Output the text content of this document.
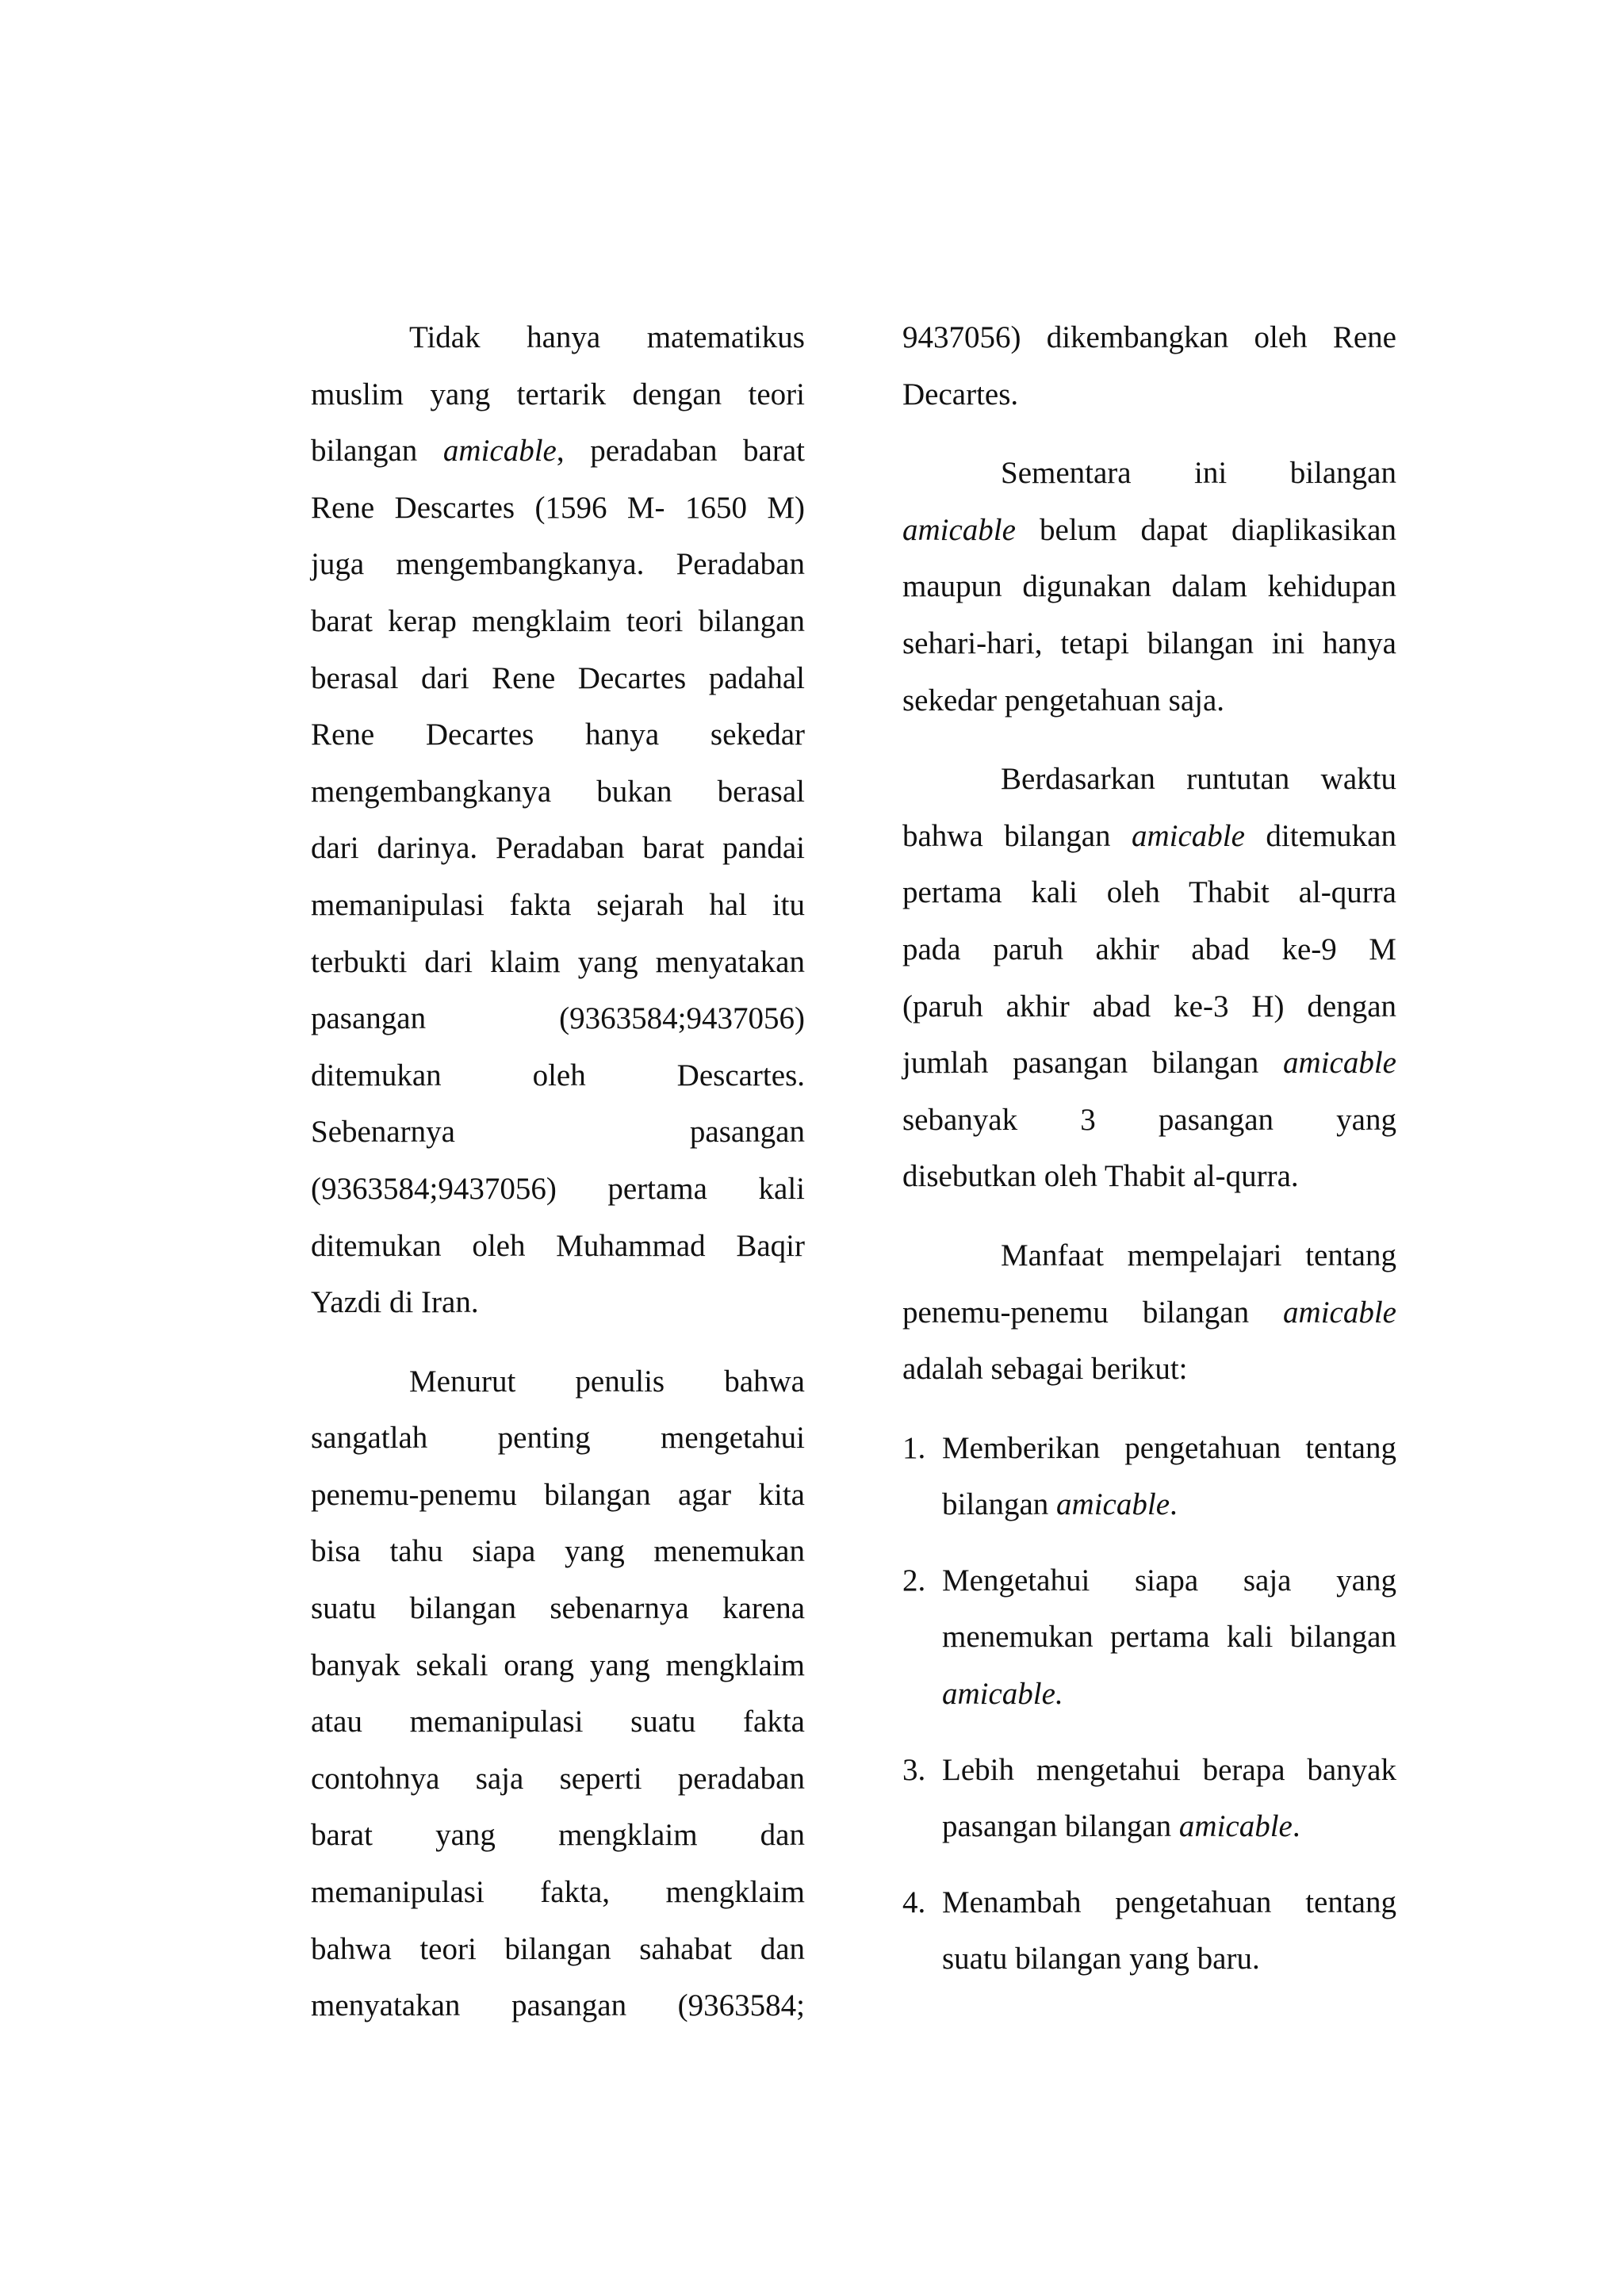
Tidak hanya matematikus
muslim yang tertarik dengan teori
bilangan amicable, peradaban barat
Rene Descartes (1596 M- 1650 M)
juga mengembangkanya. Peradaban
barat kerap mengklaim teori bilangan
berasal dari Rene Decartes padahal
Rene Decartes hanya sekedar
mengembangkanya bukan berasal
dari darinya. Peradaban barat pandai
memanipulasi fakta sejarah hal itu
terbukti dari klaim yang menyatakan
pasangan (9363584;9437056)
ditemukan oleh Descartes.
Sebenarnya pasangan
(9363584;9437056) pertama kali
ditemukan oleh Muhammad Baqir
Yazdi di Iran.
Menurut penulis bahwa
sangatlah penting mengetahui
penemu-penemu bilangan agar kita
bisa tahu siapa yang menemukan
suatu bilangan sebenarnya karena
banyak sekali orang yang mengklaim
atau memanipulasi suatu fakta
contohnya saja seperti peradaban
barat yang mengklaim dan
memanipulasi fakta, mengklaim
bahwa teori bilangan sahabat dan
menyatakan pasangan (9363584;
9437056) dikembangkan oleh Rene
Decartes.
Sementara ini bilangan
amicable belum dapat diaplikasikan
maupun digunakan dalam kehidupan
sehari-hari, tetapi bilangan ini hanya
sekedar pengetahuan saja.
Berdasarkan runtutan waktu
bahwa bilangan amicable ditemukan
pertama kali oleh Thabit al-qurra
pada paruh akhir abad ke-9 M
(paruh akhir abad ke-3 H) dengan
jumlah pasangan bilangan amicable
sebanyak 3 pasangan yang
disebutkan oleh Thabit al-qurra.
Manfaat mempelajari tentang
penemu-penemu bilangan amicable
adalah sebagai berikut:
1. Memberikan pengetahuan tentang
bilangan amicable.
2. Mengetahui siapa saja yang
menemukan pertama kali bilangan
amicable.
3. Lebih mengetahui berapa banyak
pasangan bilangan amicable.
4. Menambah pengetahuan tentang
suatu bilangan yang baru.
